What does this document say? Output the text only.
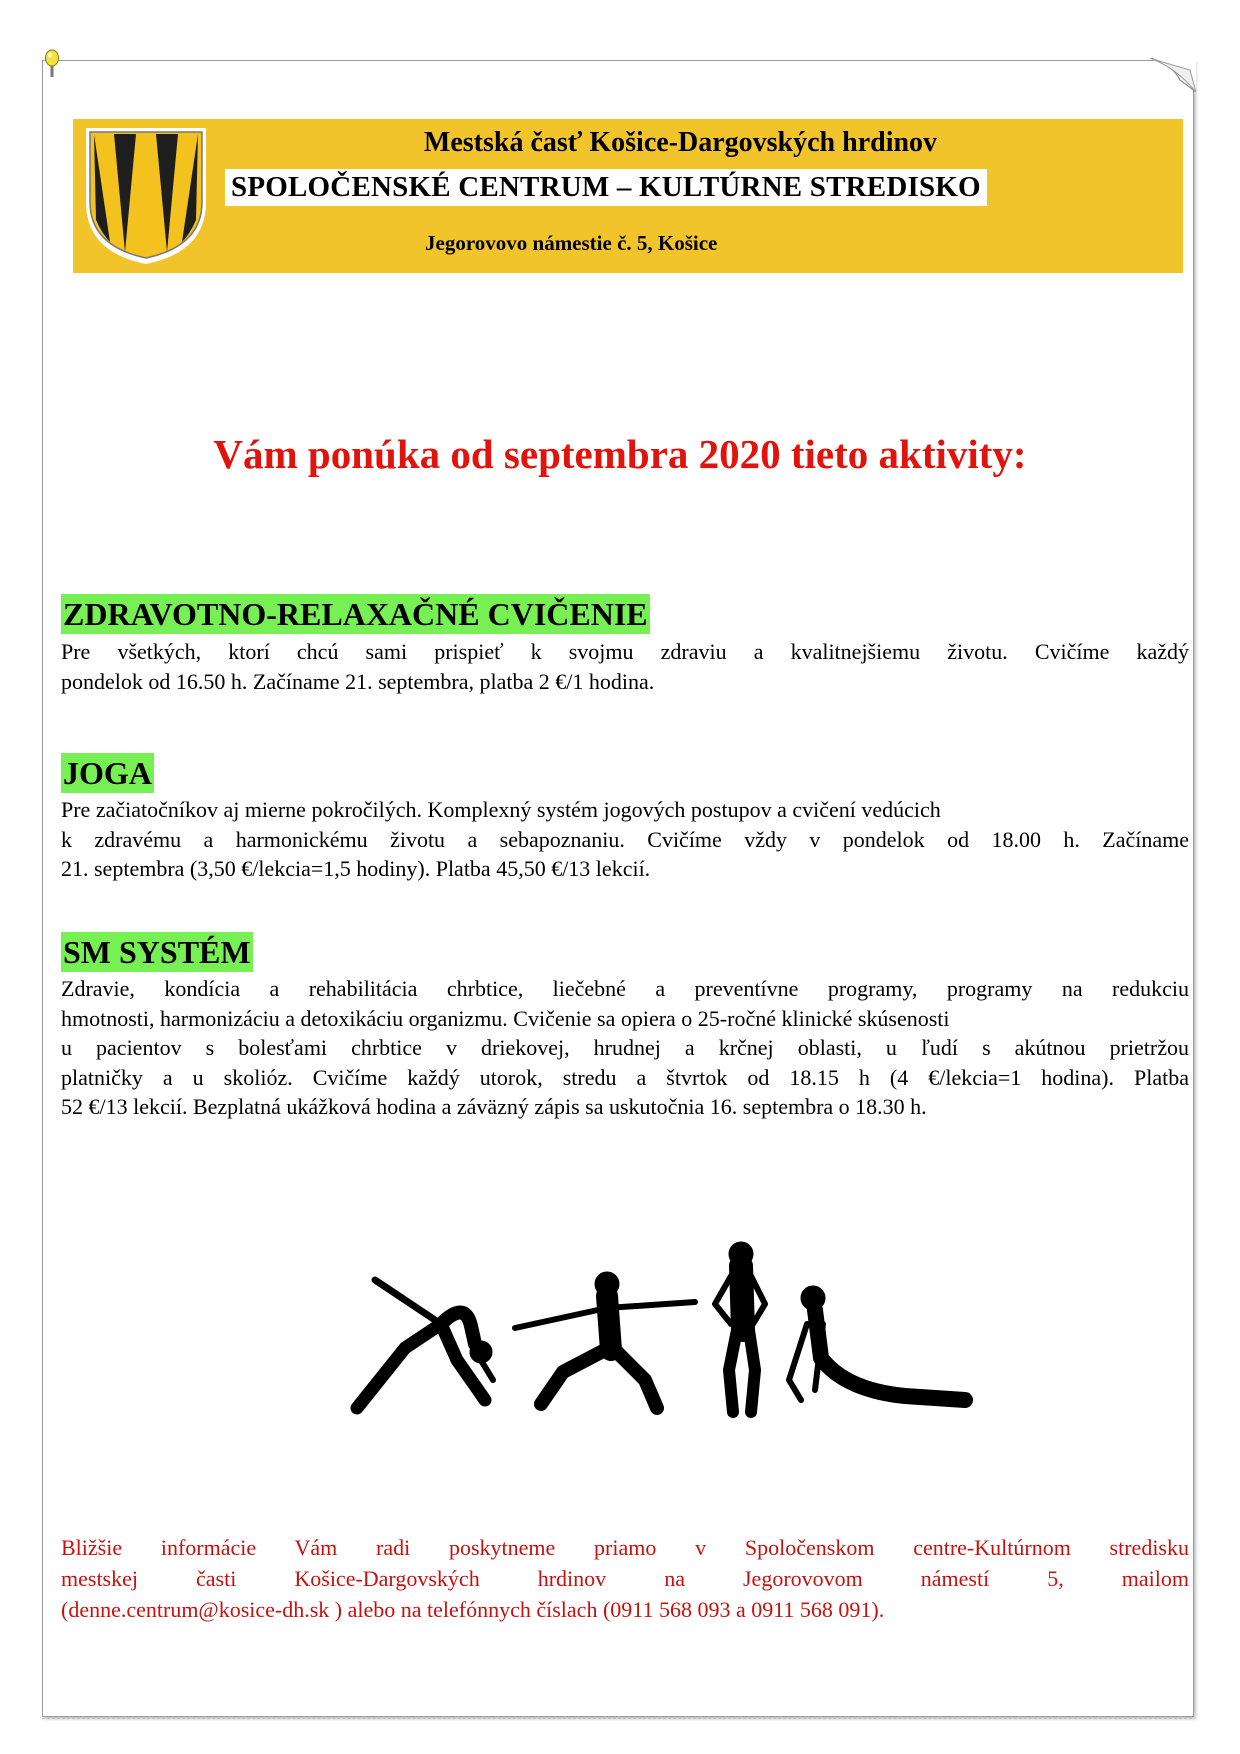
Mestská časť Košice-Dargovských hrdinov
SPOLOČENSKÉ CENTRUM – KULTÚRNE STREDISKO
Jegorovovo námestie č. 5, Košice
Vám ponúka od septembra 2020 tieto aktivity:
ZDRAVOTNO-RELAXAČNÉ CVIČENIE
Pre všetkých, ktorí chcú sami prispieť k svojmu zdraviu a kvalitnejšiemu životu. Cvičíme každý
pondelok od 16.50 h. Začíname 21. septembra, platba 2 €/1 hodina.
JOGA
Pre začiatočníkov aj mierne pokročilých. Komplexný systém jogových postupov a cvičení vedúcich
k zdravému a harmonickému životu a sebapoznaniu. Cvičíme vždy v pondelok od 18.00 h. Začíname
21. septembra (3,50 €/lekcia=1,5 hodiny). Platba 45,50 €/13 lekcií.
SM SYSTÉM
Zdravie, kondícia a rehabilitácia chrbtice, liečebné a preventívne programy, programy na redukciu
hmotnosti, harmonizáciu a detoxikáciu organizmu. Cvičenie sa opiera o 25-ročné klinické skúsenosti
u pacientov s bolesťami chrbtice v driekovej, hrudnej a krčnej oblasti, u ľudí s akútnou prietržou
platničky a u skolióz. Cvičíme každý utorok, stredu a štvrtok od 18.15 h (4 €/lekcia=1 hodina). Platba
52 €/13 lekcií. Bezplatná ukážková hodina a záväzný zápis sa uskutočnia 16. septembra o 18.30 h.
Bližšie informácie Vám radi poskytneme priamo v Spoločenskom centre-Kultúrnom stredisku
mestskej časti Košice-Dargovských hrdinov na Jegorovovom námestí 5, mailom
(denne.centrum@kosice-dh.sk ) alebo na telefónnych číslach (0911 568 093 a 0911 568 091).
